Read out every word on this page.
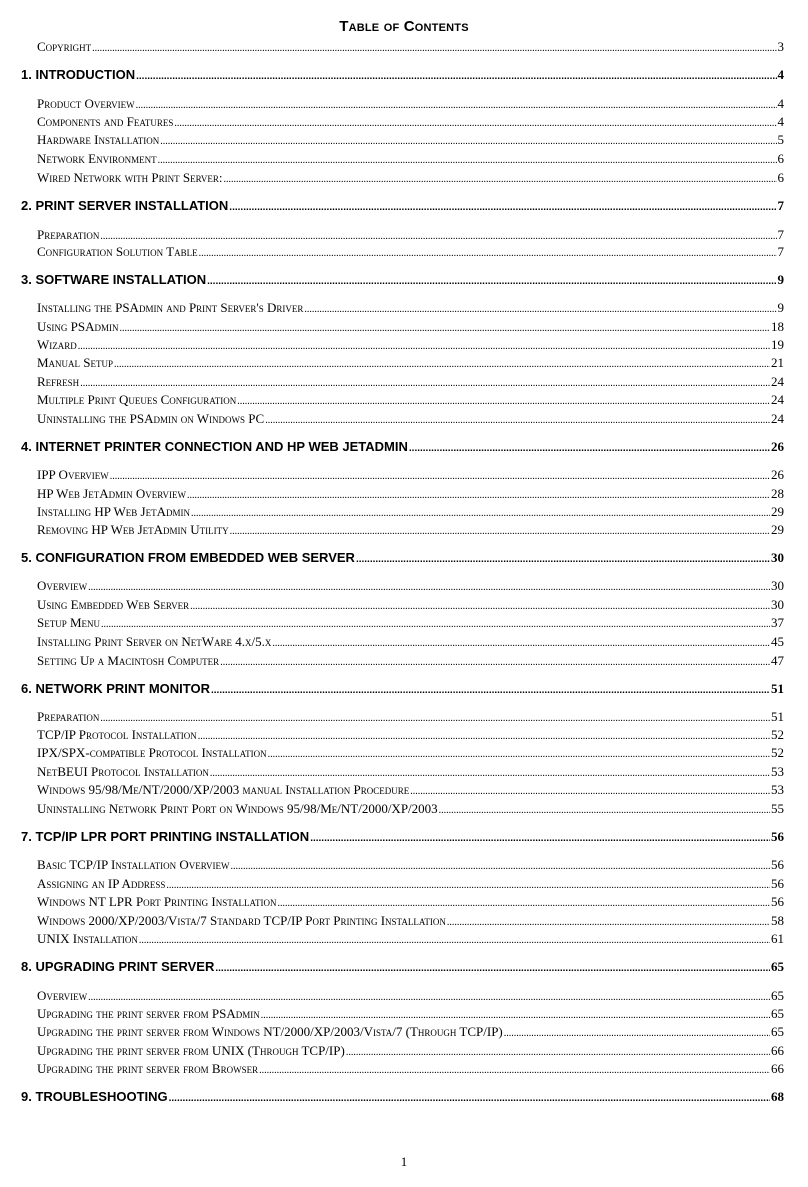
Table of Contents
Copyright .....	3
1. INTRODUCTION .....	4
Product Overview .....	4
Components and Features .....	4
Hardware Installation .....	5
Network Environment .....	6
Wired Network with Print Server: .....	6
2. PRINT SERVER INSTALLATION .....	7
Preparation .....	7
Configuration Solution Table .....	7
3. SOFTWARE INSTALLATION .....	9
Installing the PSAdmin and Print Server's Driver .....	9
Using PSAdmin .....	18
Wizard .....	19
Manual Setup .....	21
Refresh .....	24
Multiple Print Queues Configuration .....	24
Uninstalling the PSAdmin on Windows PC .....	24
4. INTERNET PRINTER CONNECTION AND HP WEB JETADMIN .....	26
IPP Overview .....	26
HP Web JetAdmin Overview .....	28
Installing HP Web JetAdmin .....	29
Removing HP Web JetAdmin Utility .....	29
5. CONFIGURATION FROM EMBEDDED WEB SERVER .....	30
Overview .....	30
Using Embedded Web Server .....	30
Setup Menu .....	37
Installing Print Server on NetWare 4.x/5.x .....	45
Setting Up a Macintosh Computer .....	47
6. NETWORK PRINT MONITOR .....	51
Preparation .....	51
TCP/IP Protocol Installation .....	52
IPX/SPX-compatible Protocol Installation .....	52
NetBEUI Protocol Installation .....	53
Windows 95/98/Me/NT/2000/XP/2003 manual Installation Procedure .....	53
Uninstalling Network Print Port on Windows 95/98/Me/NT/2000/XP/2003 .....	55
7. TCP/IP LPR PORT PRINTING INSTALLATION .....	56
Basic TCP/IP Installation Overview .....	56
Assigning an IP Address .....	56
Windows NT LPR Port Printing Installation .....	56
Windows 2000/XP/2003/Vista/7 Standard TCP/IP Port Printing Installation .....	58
UNIX Installation .....	61
8. UPGRADING PRINT SERVER .....	65
Overview .....	65
Upgrading the print server from PSAdmin .....	65
Upgrading the print server from Windows NT/2000/XP/2003/Vista/7 (Through TCP/IP) .....	65
Upgrading the print server from UNIX (Through TCP/IP) .....	66
Upgrading the print server from Browser .....	66
9. TROUBLESHOOTING .....	68
1
